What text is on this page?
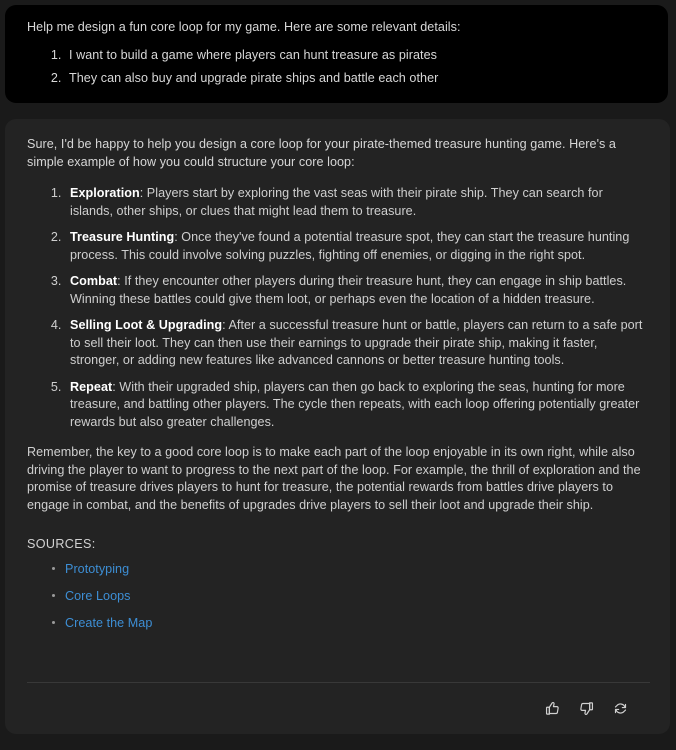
Help me design a fun core loop for my game. Here are some relevant details:
1. I want to build a game where players can hunt treasure as pirates
2. They can also buy and upgrade pirate ships and battle each other
Sure, I'd be happy to help you design a core loop for your pirate-themed treasure hunting game. Here's a simple example of how you could structure your core loop:
1. Exploration: Players start by exploring the vast seas with their pirate ship. They can search for islands, other ships, or clues that might lead them to treasure.
2. Treasure Hunting: Once they've found a potential treasure spot, they can start the treasure hunting process. This could involve solving puzzles, fighting off enemies, or digging in the right spot.
3. Combat: If they encounter other players during their treasure hunt, they can engage in ship battles. Winning these battles could give them loot, or perhaps even the location of a hidden treasure.
4. Selling Loot & Upgrading: After a successful treasure hunt or battle, players can return to a safe port to sell their loot. They can then use their earnings to upgrade their pirate ship, making it faster, stronger, or adding new features like advanced cannons or better treasure hunting tools.
5. Repeat: With their upgraded ship, players can then go back to exploring the seas, hunting for more treasure, and battling other players. The cycle then repeats, with each loop offering potentially greater rewards but also greater challenges.
Remember, the key to a good core loop is to make each part of the loop enjoyable in its own right, while also driving the player to want to progress to the next part of the loop. For example, the thrill of exploration and the promise of treasure drives players to hunt for treasure, the potential rewards from battles drive players to engage in combat, and the benefits of upgrades drive players to sell their loot and upgrade their ship.
SOURCES:
Prototyping
Core Loops
Create the Map
